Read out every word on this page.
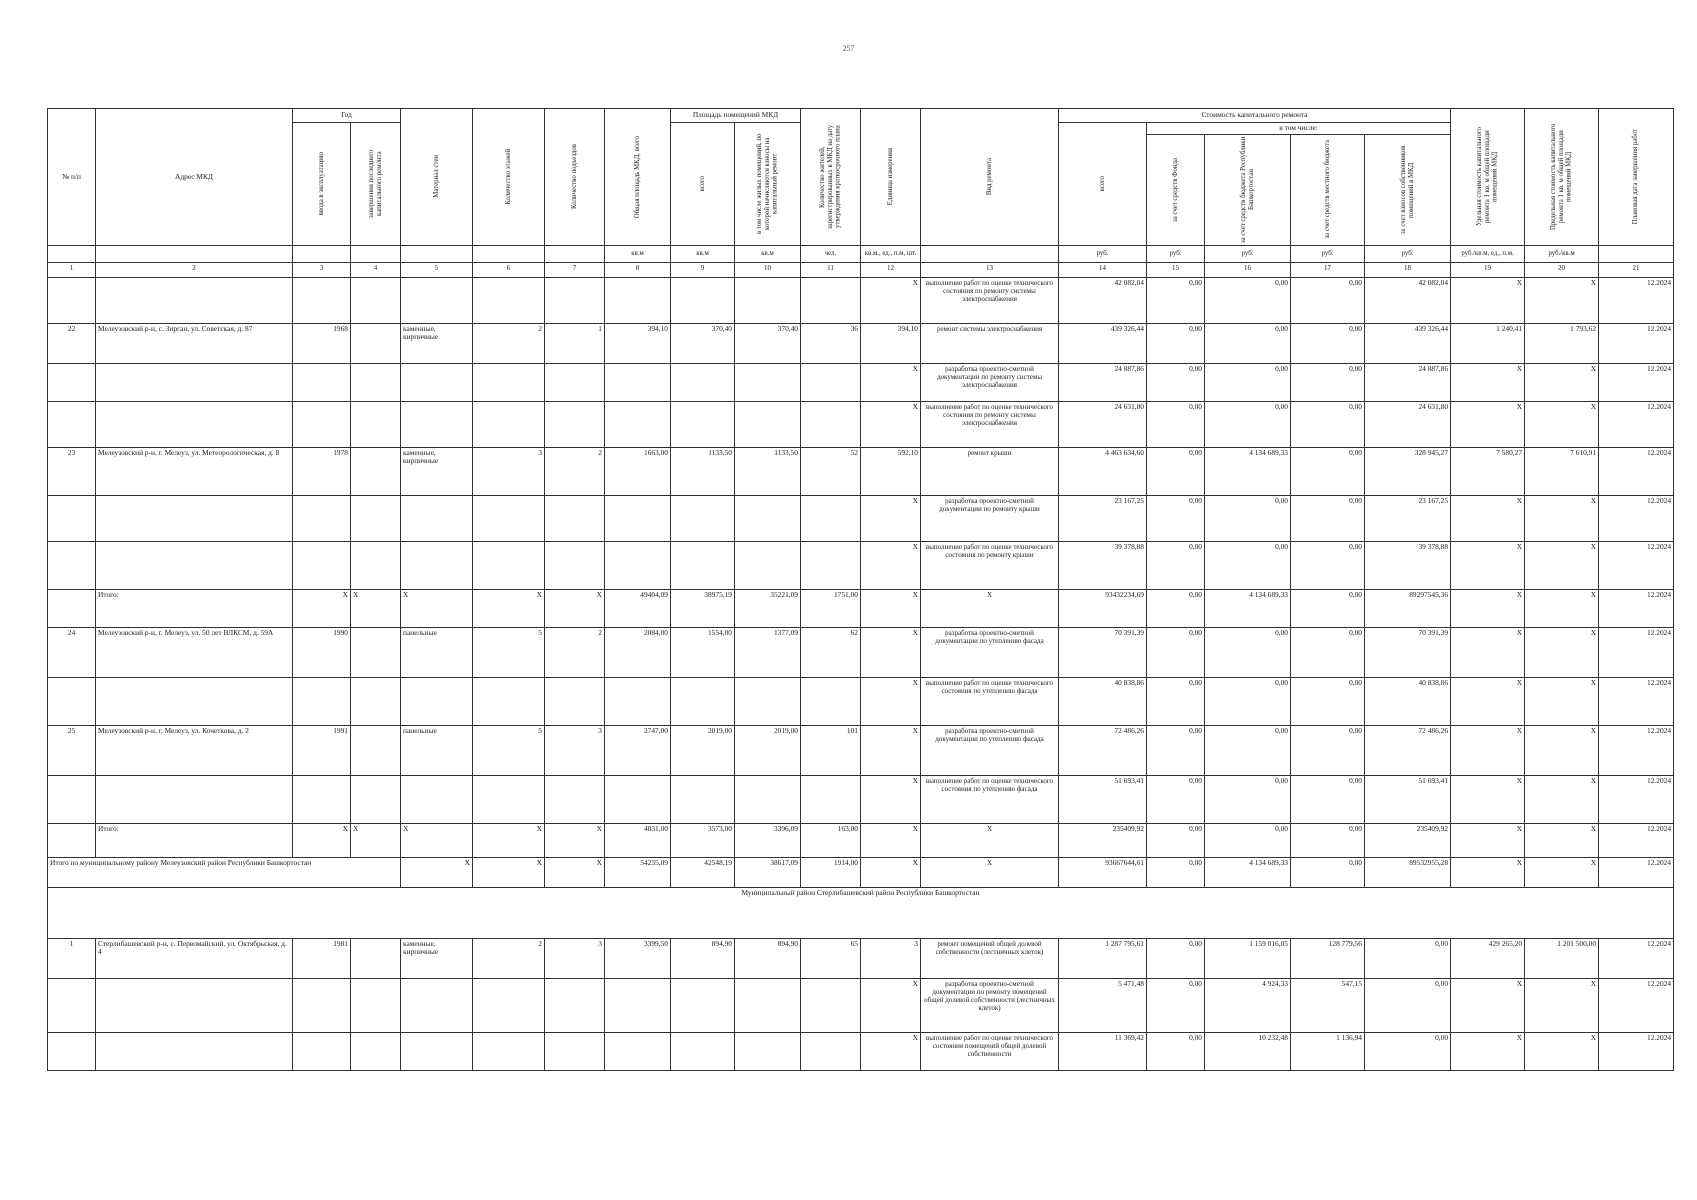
257
№ п/п	Адрес МКД	Год		Материал стен	Количество этажей	Количество подъездов	Общая площадь МКД, всего	Площадь помещений МКД		Количество жителей, зарегистрированных в МКД на дату утверждения краткосрочного плана	Единица измерения	Вид ремонта	Стоимость капитального ремонта					Удельная стоимость капитального ремонта 1 кв. м общей площади помещений МКД	Предельная стоимость капитального ремонта 1 кв. м общей площади помещений МКД	Плановая дата завершения работ

		ввода в эксплуатацию	завершения последнего капитального ремонта					всего	в том числе жилых помещений, по которой начисляются взносы на капитальный ремонт				всего	в том числе:						

														за счет средств Фонда	за счет средств бюджета Республики Башкортостан	за счет средств местного бюджета	за счет взносов собственников помещений в МКД			

							кв.м	кв.м	кв.м	чел.	кв.м., ед., п.м, шт.		руб.	руб.	руб.	руб.	руб.	руб./кв.м, ед., п.м.	руб./кв.м	
1	2	3	4	5	6	7	8	9	10	11	12	13	14	15	16	17	18	19	20	21
											X	выполнение работ по оценке технического состояния по ремонту системы электроснабжения	42 082,04	0,00	0,00	0,00	42 082,04	X	X	12.2024
22	Мелеузовский р-н, с. Зирган, ул. Советская, д. 87	1968		каменные, кирпичные	2	1	394,10	370,40	370,40	36	394,10	ремонт системы электроснабжения	439 326,44	0,00	0,00	0,00	439 326,44	1 240,41	1 793,62	12.2024
											X	разработка проектно-сметной документации по ремонту системы электроснабжения	24 887,86	0,00	0,00	0,00	24 887,86	X	X	12.2024
											X	выполнение работ по оценке технического состояния по ремонту системы электроснабжения	24 631,80	0,00	0,00	0,00	24 631,80	X	X	12.2024
23	Мелеузовский р-н, г. Мелеуз, ул. Метеорологическая, д. 8	1978		каменные, кирпичные	3	2	1663,00	1133,50	1133,50	52	592,10	ремонт крыши	4 463 634,60	0,00	4 134 689,33	0,00	328 945,27	7 580,27	7 610,91	12.2024
											X	разработка проектно-сметной документации по ремонту крыши	23 167,25	0,00	0,00	0,00	23 167,25	X	X	12.2024
											X	выполнение работ по оценке технического состояния по ремонту крыши	39 378,88	0,00	0,00	0,00	39 378,88	X	X	12.2024
	Итого:	X	X	X	X	X	49404,09	38975,19	35221,09	1751,00	X	X	93432234,69	0,00	4 134 689,33	0,00	89297545,36	X	X	12.2024
24	Мелеузовский р-н, г. Мелеуз, ул. 50 лет ВЛКСМ, д. 59А	1990		панельные	5	2	2084,00	1554,00	1377,09	62	X	разработка проектно-сметной документации по утеплению фасада	70 391,39	0,00	0,00	0,00	70 391,39	X	X	12.2024
											X	выполнение работ по оценке технического состояния по утеплению фасада	40 838,86	0,00	0,00	0,00	40 838,86	X	X	12.2024
25	Мелеузовский р-н, г. Мелеуз, ул. Кочеткова, д. 2	1991		панельные	5	3	2747,00	2019,00	2019,00	101	X	разработка проектно-сметной документации по утеплению фасада	72 486,26	0,00	0,00	0,00	72 486,26	X	X	12.2024
											X	выполнение работ по оценке технического состояния по утеплению фасада	51 693,41	0,00	0,00	0,00	51 693,41	X	X	12.2024
	Итого:	X	X	X	X	X	4831,00	3573,00	3396,09	163,00	X	X	235409,92	0,00	0,00	0,00	235409,92	X	X	12.2024
Итого по муниципальному району Мелеузовский район Республики Башкортостан				X	X	X	54235,09	42548,19	38617,09	1914,00	X	X	93667644,61	0,00	4 134 689,33	0,00	89532955,28	X	X	12.2024
Муниципальный район Стерлибашевский район Республики Башкортостан																				
1	Стерлибашевский р-н, с. Первомайский, ул. Октябрьская, д. 4	1981		каменные, кирпичные	2	3	3399,50	894,90	894,90	65	3	ремонт помещений общей долевой собственности (лестничных клеток)	1 287 795,61	0,00	1 159 016,05	128 779,56	0,00	429 265,20	1 201 500,00	12.2024
											X	разработка проектно-сметной документации по ремонту помещений общей долевой собственности (лестничных клеток)	5 471,48	0,00	4 924,33	547,15	0,00	X	X	12.2024
											X	выполнение работ по оценке технического состояния помещений общей долевой собственности	11 369,42	0,00	10 232,48	1 136,94	0,00	X	X	12.2024
